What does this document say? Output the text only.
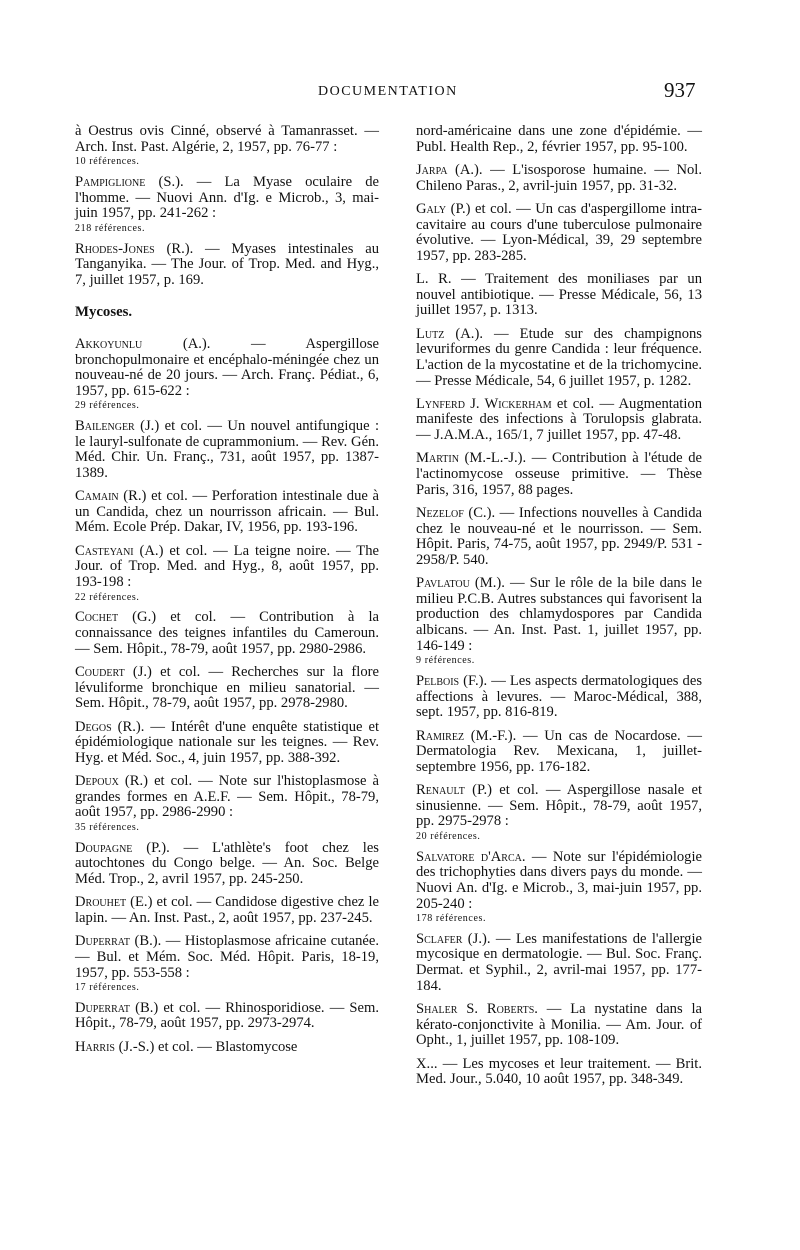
DOCUMENTATION	937
à Oestrus ovis Cinné, observé à Tamanrasset. — Arch. Inst. Past. Algérie, 2, 1957, pp. 76-77 :
10 références.
Pampiglione (S.). — La Myase oculaire de l'homme. — Nuovi Ann. d'Ig. e Microb., 3, mai-juin 1957, pp. 241-262 :
218 références.
Rhodes-Jones (R.). — Myases intestinales au Tanganyika. — The Jour. of Trop. Med. and Hyg., 7, juillet 1957, p. 169.
Mycoses.
Akkoyunlu (A.). — Aspergillose bronchopulmonaire et encéphalo-méningée chez un nouveau-né de 20 jours. — Arch. Franç. Pédiat., 6, 1957, pp. 615-622 :
29 références.
Bailenger (J.) et col. — Un nouvel antifungique : le lauryl-sulfonate de cuprammonium. — Rev. Gén. Méd. Chir. Un. Franç., 731, août 1957, pp. 1387-1389.
Camain (R.) et col. — Perforation intestinale due à un Candida, chez un nourrisson africain. — Bul. Mém. Ecole Prép. Dakar, IV, 1956, pp. 193-196.
Casteyani (A.) et col. — La teigne noire. — The Jour. of Trop. Med. and Hyg., 8, août 1957, pp. 193-198 :
22 références.
Cochet (G.) et col. — Contribution à la connaissance des teignes infantiles du Cameroun. — Sem. Hôpit., 78-79, août 1957, pp. 2980-2986.
Coudert (J.) et col. — Recherches sur la flore lévuliforme bronchique en milieu sanatorial. — Sem. Hôpit., 78-79, août 1957, pp. 2978-2980.
Degos (R.). — Intérêt d'une enquête statistique et épidémiologique nationale sur les teignes. — Rev. Hyg. et Méd. Soc., 4, juin 1957, pp. 388-392.
Depoux (R.) et col. — Note sur l'histoplasmose à grandes formes en A.E.F. — Sem. Hôpit., 78-79, août 1957, pp. 2986-2990 :
35 références.
Doupagne (P.). — L'athlète's foot chez les autochtones du Congo belge. — An. Soc. Belge Méd. Trop., 2, avril 1957, pp. 245-250.
Drouhet (E.) et col. — Candidose digestive chez le lapin. — An. Inst. Past., 2, août 1957, pp. 237-245.
Duperrat (B.). — Histoplasmose africaine cutanée. — Bul. et Mém. Soc. Méd. Hôpit. Paris, 18-19, 1957, pp. 553-558 :
17 références.
Duperrat (B.) et col. — Rhinosporidiose. — Sem. Hôpit., 78-79, août 1957, pp. 2973-2974.
Harris (J.-S.) et col. — Blastomycose
nord-américaine dans une zone d'épidémie. — Publ. Health Rep., 2, février 1957, pp. 95-100.
Jarpa (A.). — L'isosporose humaine. — Nol. Chileno Paras., 2, avril-juin 1957, pp. 31-32.
Galy (P.) et col. — Un cas d'aspergillome intra-cavitaire au cours d'une tuberculose pulmonaire évolutive. — Lyon-Médical, 39, 29 septembre 1957, pp. 283-285.
L. R. — Traitement des moniliases par un nouvel antibiotique. — Presse Médicale, 56, 13 juillet 1957, p. 1313.
Lutz (A.). — Etude sur des champignons levuriformes du genre Candida : leur fréquence. L'action de la mycostatine et de la trichomycine. — Presse Médicale, 54, 6 juillet 1957, p. 1282.
Lynferd J. Wickerham et col. — Augmentation manifeste des infections à Torulopsis glabrata. — J.A.M.A., 165/1, 7 juillet 1957, pp. 47-48.
Martin (M.-L.-J.). — Contribution à l'étude de l'actinomycose osseuse primitive. — Thèse Paris, 316, 1957, 88 pages.
Nezelof (C.). — Infections nouvelles à Candida chez le nouveau-né et le nourrisson. — Sem. Hôpit. Paris, 74-75, août 1957, pp. 2949/P. 531 - 2958/P. 540.
Pavlatou (M.). — Sur le rôle de la bile dans le milieu P.C.B. Autres substances qui favorisent la production des chlamydospores par Candida albicans. — An. Inst. Past. 1, juillet 1957, pp. 146-149 :
9 références.
Pelbois (F.). — Les aspects dermatologiques des affections à levures. — Maroc-Médical, 388, sept. 1957, pp. 816-819.
Ramirez (M.-F.). — Un cas de Nocardose. — Dermatologia Rev. Mexicana, 1, juillet-septembre 1956, pp. 176-182.
Renault (P.) et col. — Aspergillose nasale et sinusienne. — Sem. Hôpit., 78-79, août 1957, pp. 2975-2978 :
20 références.
Salvatore d'Arca. — Note sur l'épidémiologie des trichophyties dans divers pays du monde. — Nuovi An. d'Ig. e Microb., 3, mai-juin 1957, pp. 205-240 :
178 références.
Sclafer (J.). — Les manifestations de l'allergie mycosique en dermatologie. — Bul. Soc. Franç. Dermat. et Syphil., 2, avril-mai 1957, pp. 177-184.
Shaler S. Roberts. — La nystatine dans la kérato-conjonctivite à Monilia. — Am. Jour. of Opht., 1, juillet 1957, pp. 108-109.
X... — Les mycoses et leur traitement. — Brit. Med. Jour., 5.040, 10 août 1957, pp. 348-349.
